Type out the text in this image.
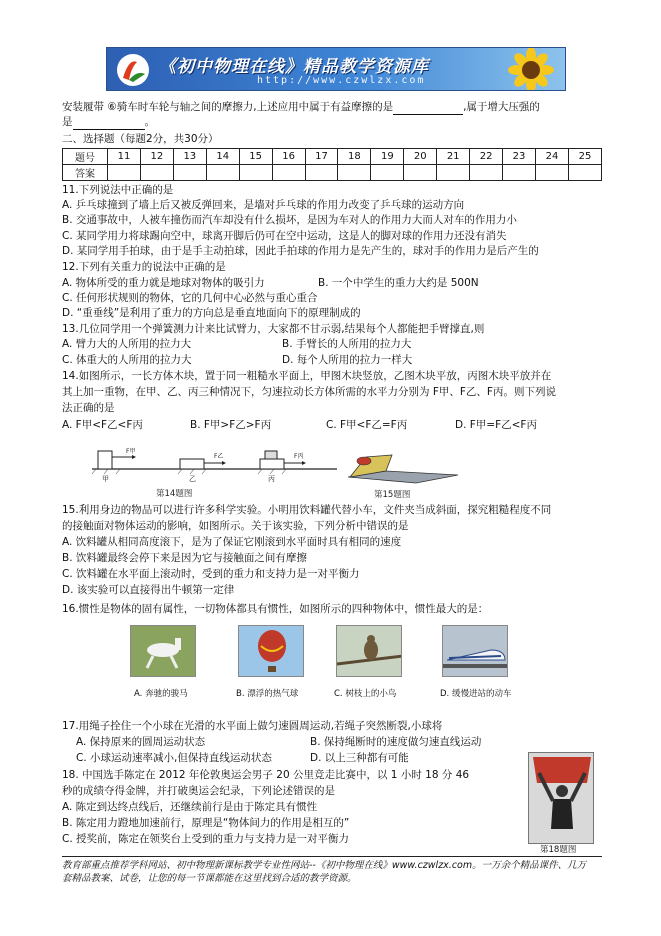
《初中物理在线》精品教学资源库
http://www.czwlzx.com
安装履带 ⑥骑车时车轮与轴之间的摩擦力,上述应用中属于有益摩擦的是	,属于增大压强的
是	。
二、选择题（每题2分，共30分）
题号	11	12	13	14	15	16	17	18	19	20	21	22	23	24	25
答案															
11.下列说法中正确的是
A. 乒乓球撞到了墙上后又被反弹回来，是墙对乒乓球的作用力改变了乒乓球的运动方向
B. 交通事故中，人被车撞伤而汽车却没有什么损坏，是因为车对人的作用力大而人对车的作用力小
C. 某同学用力将球踢向空中，球离开脚后仍可在空中运动，这是人的脚对球的作用力还没有消失
D. 某同学用手拍球，由于是手主动拍球，因此手拍球的作用力是先产生的，球对手的作用力是后产生的
12.下列有关重力的说法中正确的是
A. 物体所受的重力就是地球对物体的吸引力	B. 一个中学生的重力大约是 500N
C. 任何形状规则的物体，它的几何中心必然与重心重合
D. “重垂线”是利用了重力的方向总是垂直地面向下的原理制成的
13.几位同学用一个弹簧测力计来比试臂力，大家都不甘示弱,结果每个人都能把手臂撑直,则
A. 臂力大的人所用的拉力大	B. 手臂长的人所用的拉力大
C. 体重大的人所用的拉力大	D. 每个人所用的拉力一样大
14.如图所示，一长方体木块，置于同一粗糙水平面上，甲图木块竖放，乙图木块平放，丙图木块平放并在
其上加一重物，在甲、乙、丙三种情况下，匀速拉动长方体所需的水平力分别为 F甲、F乙、F丙。则下列说
法正确的是
A. F甲<F乙<F丙	B. F甲>F乙>F丙	C. F甲<F乙=F丙	D. F甲=F乙<F丙
F甲
甲
F乙
乙
F丙
丙
第14题图	第15题图
15.利用身边的物品可以进行许多科学实验。小明用饮料罐代替小车，文件夹当成斜面，探究粗糙程度不同
的接触面对物体运动的影响，如图所示。关于该实验，下列分析中错误的是
A. 饮料罐从相同高度滚下，是为了保证它刚滚到水平面时具有相同的速度
B. 饮料罐最终会停下来是因为它与接触面之间有摩擦
C. 饮料罐在水平面上滚动时，受到的重力和支持力是一对平衡力
D. 该实验可以直接得出牛顿第一定律
16.惯性是物体的固有属性，一切物体都具有惯性，如图所示的四种物体中，惯性最大的是：
A. 奔驰的骏马	B. 漂浮的热气球	C. 树枝上的小鸟	D. 缓慢进站的动车
17.用绳子拴住一个小球在光滑的水平面上做匀速圆周运动,若绳子突然断裂,小球将
A. 保持原来的圆周运动状态	B. 保持绳断时的速度做匀速直线运动
C. 小球运动速率减小,但保持直线运动状态	D. 以上三种都有可能
18. 中国选手陈定在 2012 年伦敦奥运会男子 20 公里竞走比赛中，以 1 小时 18 分 46
秒的成绩夺得金牌，并打破奥运会纪录，下列论述错误的是
A. 陈定到达终点线后，还继续前行是由于陈定具有惯性
B. 陈定用力蹬地加速前行，原理是“物体间力的作用是相互的”
C. 授奖前，陈定在领奖台上受到的重力与支持力是一对平衡力
第18题图
教育部重点推荐学科网站、初中物理新课标教学专业性网站--《初中物理在线》www.czwlzx.com。一万余个精品课件、几万
套精品教案、试卷，让您的每一节课都能在这里找到合适的教学资源。
